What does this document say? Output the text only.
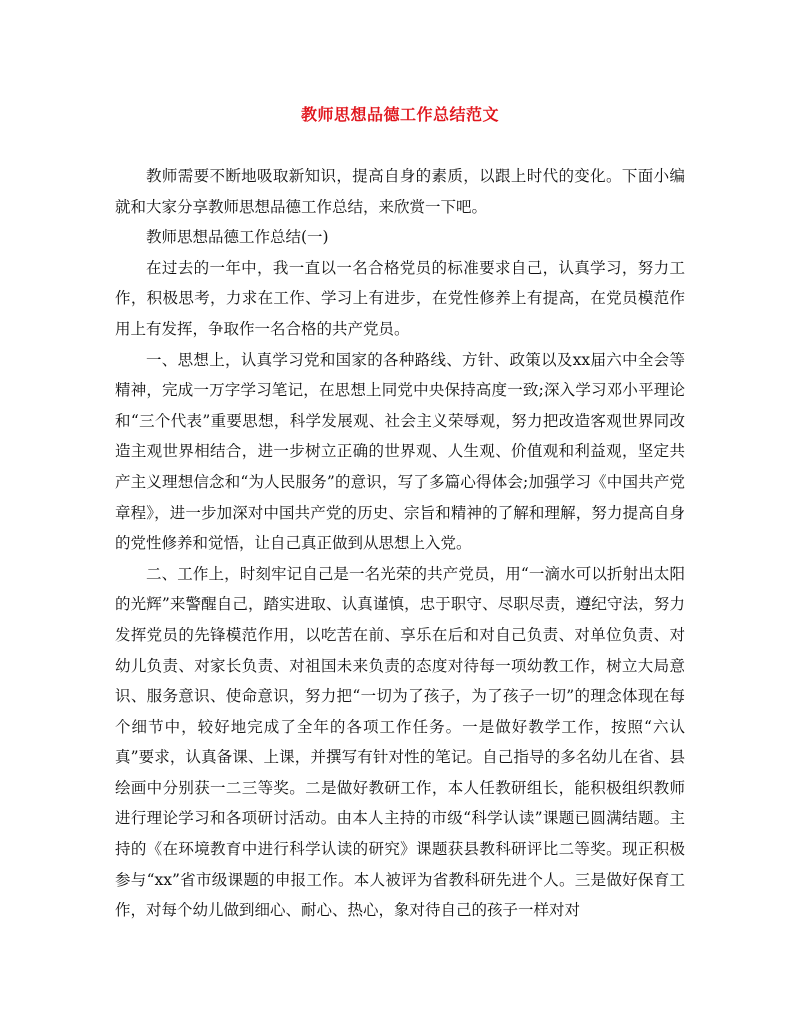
教师思想品德工作总结范文

教师需要不断地吸取新知识，提高自身的素质，以跟上时代的变化。下面小编就和大家分享教师思想品德工作总结，来欣赏一下吧。

教师思想品德工作总结(一)

在过去的一年中，我一直以一名合格党员的标准要求自己，认真学习，努力工作，积极思考，力求在工作、学习上有进步，在党性修养上有提高，在党员模范作用上有发挥，争取作一名合格的共产党员。

一、思想上，认真学习党和国家的各种路线、方针、政策以及xx届六中全会等精神，完成一万字学习笔记，在思想上同党中央保持高度一致;深入学习邓小平理论和“三个代表”重要思想，科学发展观、社会主义荣辱观，努力把改造客观世界同改造主观世界相结合，进一步树立正确的世界观、人生观、价值观和利益观，坚定共产主义理想信念和“为人民服务”的意识，写了多篇心得体会;加强学习《中国共产党章程》，进一步加深对中国共产党的历史、宗旨和精神的了解和理解，努力提高自身的党性修养和觉悟，让自己真正做到从思想上入党。

二、工作上，时刻牢记自己是一名光荣的共产党员，用“一滴水可以折射出太阳的光辉”来警醒自己，踏实进取、认真谨慎，忠于职守、尽职尽责，遵纪守法，努力发挥党员的先锋模范作用，以吃苦在前、享乐在后和对自己负责、对单位负责、对幼儿负责、对家长负责、对祖国未来负责的态度对待每一项幼教工作，树立大局意识、服务意识、使命意识，努力把“一切为了孩子，为了孩子一切”的理念体现在每个细节中，较好地完成了全年的各项工作任务。一是做好教学工作，按照“六认真”要求，认真备课、上课，并撰写有针对性的笔记。自己指导的多名幼儿在省、县绘画中分别获一二三等奖。二是做好教研工作，本人任教研组长，能积极组织教师进行理论学习和各项研讨活动。由本人主持的市级“科学认读”课题已圆满结题。主持的《在环境教育中进行科学认读的研究》课题获县教科研评比二等奖。现正积极参与“xx”省市级课题的申报工作。本人被评为省教科研先进个人。三是做好保育工作，对每个幼儿做到细心、耐心、热心，象对待自己的孩子一样对对
